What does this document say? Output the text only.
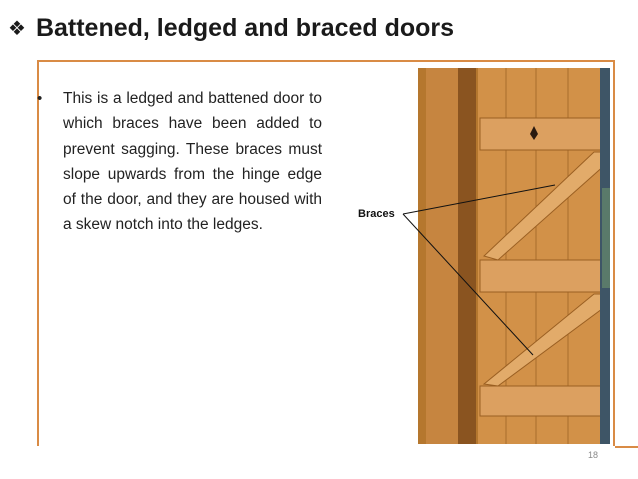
❖ Battened, ledged and braced doors
• This is a ledged and battened door to which braces have been added to prevent sagging. These braces must slope upwards from the hinge edge of the door, and they are housed with a skew notch into the ledges.

Braces
18
